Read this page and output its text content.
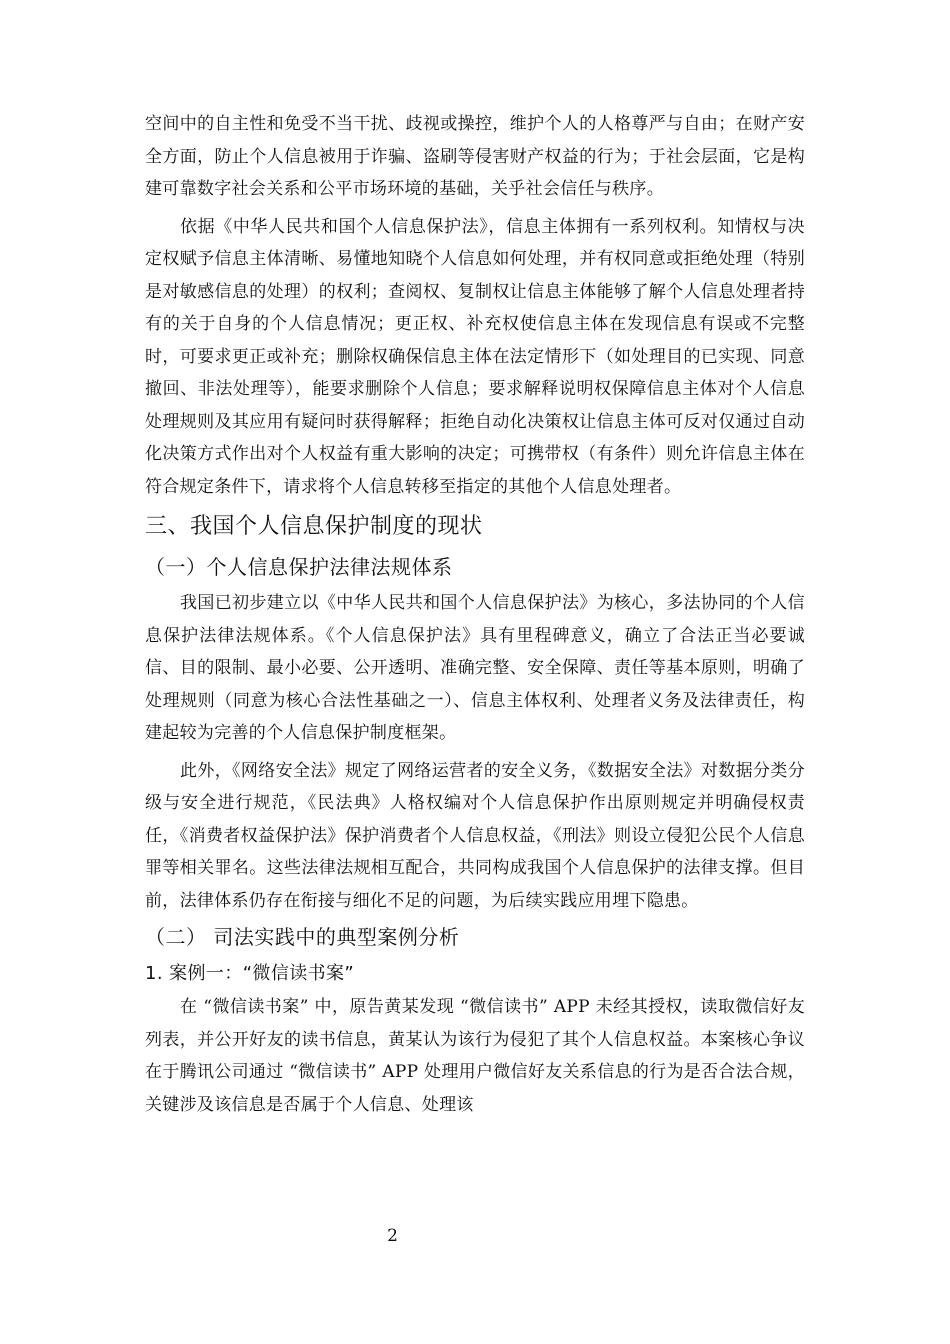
空间中的自主性和免受不当干扰、歧视或操控，维护个人的人格尊严与自由；在财产安全方面，防止个人信息被用于诈骗、盗刷等侵害财产权益的行为；于社会层面，它是构建可靠数字社会关系和公平市场环境的基础，关乎社会信任与秩序。

依据《中华人民共和国个人信息保护法》，信息主体拥有一系列权利。知情权与决定权赋予信息主体清晰、易懂地知晓个人信息如何处理，并有权同意或拒绝处理（特别是对敏感信息的处理）的权利；查阅权、复制权让信息主体能够了解个人信息处理者持有的关于自身的个人信息情况；更正权、补充权使信息主体在发现信息有误或不完整时，可要求更正或补充；删除权确保信息主体在法定情形下（如处理目的已实现、同意撤回、非法处理等），能要求删除个人信息；要求解释说明权保障信息主体对个人信息处理规则及其应用有疑问时获得解释；拒绝自动化决策权让信息主体可反对仅通过自动化决策方式作出对个人权益有重大影响的决定；可携带权（有条件）则允许信息主体在符合规定条件下，请求将个人信息转移至指定的其他个人信息处理者。

三、我国个人信息保护制度的现状
（一）个人信息保护法律法规体系

我国已初步建立以《中华人民共和国个人信息保护法》为核心，多法协同的个人信息保护法律法规体系。《个人信息保护法》具有里程碑意义，确立了合法正当必要诚信、目的限制、最小必要、公开透明、准确完整、安全保障、责任等基本原则，明确了处理规则（同意为核心合法性基础之一）、信息主体权利、处理者义务及法律责任，构建起较为完善的个人信息保护制度框架。

此外，《网络安全法》规定了网络运营者的安全义务，《数据安全法》对数据分类分级与安全进行规范，《民法典》人格权编对个人信息保护作出原则规定并明确侵权责任，《消费者权益保护法》保护消费者个人信息权益，《刑法》则设立侵犯公民个人信息罪等相关罪名。这些法律法规相互配合，共同构成我国个人信息保护的法律支撑。但目前，法律体系仍存在衔接与细化不足的问题，为后续实践应用埋下隐患。

（二） 司法实践中的典型案例分析
1. 案例一：“微信读书案”

在 “微信读书案” 中，原告黄某发现 “微信读书” APP 未经其授权，读取微信好友列表，并公开好友的读书信息，黄某认为该行为侵犯了其个人信息权益。本案核心争议在于腾讯公司通过 “微信读书” APP 处理用户微信好友关系信息的行为是否合法合规，关键涉及该信息是否属于个人信息、处理该

2
